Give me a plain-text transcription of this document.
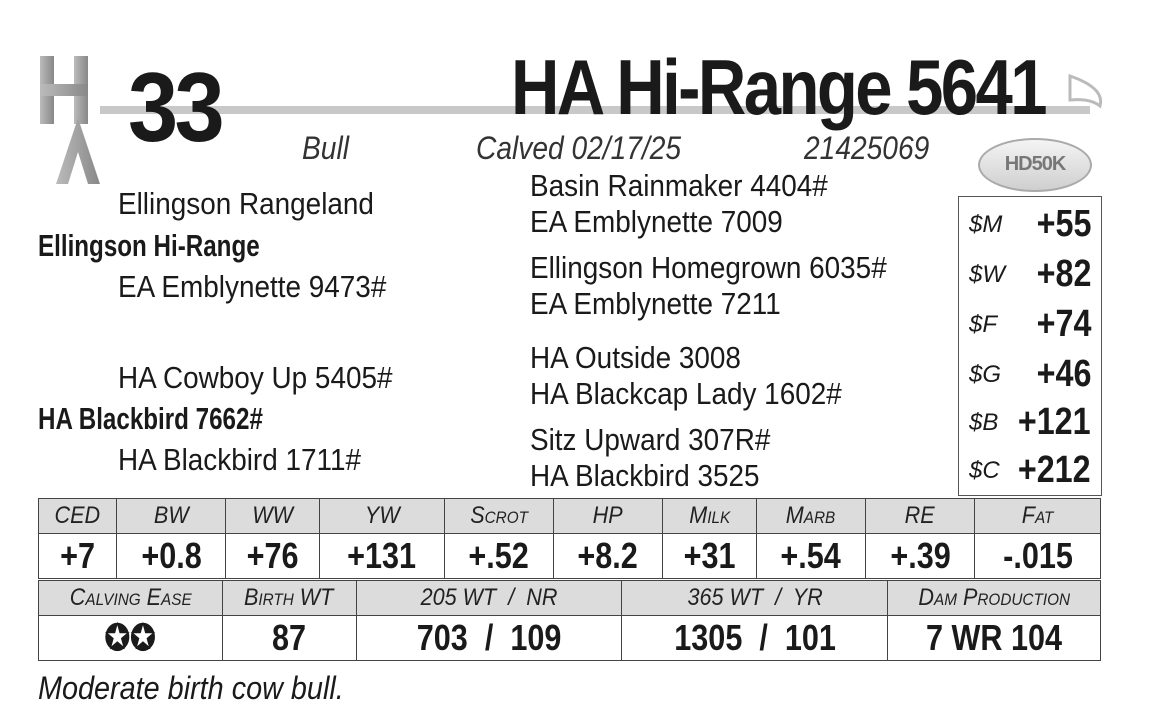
33	HA Hi-Range 5641
Bull	Calved 02/17/25	21425069	HD50K
Ellingson Rangeland
Ellingson Hi-Range
EA Emblynette 9473#
HA Cowboy Up 5405#
HA Blackbird 7662#
HA Blackbird 1711#
Basin Rainmaker 4404#
EA Emblynette 7009
Ellingson Homegrown 6035#
EA Emblynette 7211
HA Outside 3008
HA Blackcap Lady 1602#
Sitz Upward 307R#
HA Blackbird 3525
$M +55
$W +82
$F +74
$G +46
$B +121
$C +212
CED	BW	WW	YW	Scrot	HP	Milk	Marb	RE	Fat
+7	+0.8	+76	+131	+.52	+8.2	+31	+.54	+.39	-.015
Calving Ease	Birth WT	205 WT  /  NR	365 WT  /  YR	Dam Production
✪✪	87	703  /  109	1305  /  101	7 WR 104
Moderate birth cow bull.
